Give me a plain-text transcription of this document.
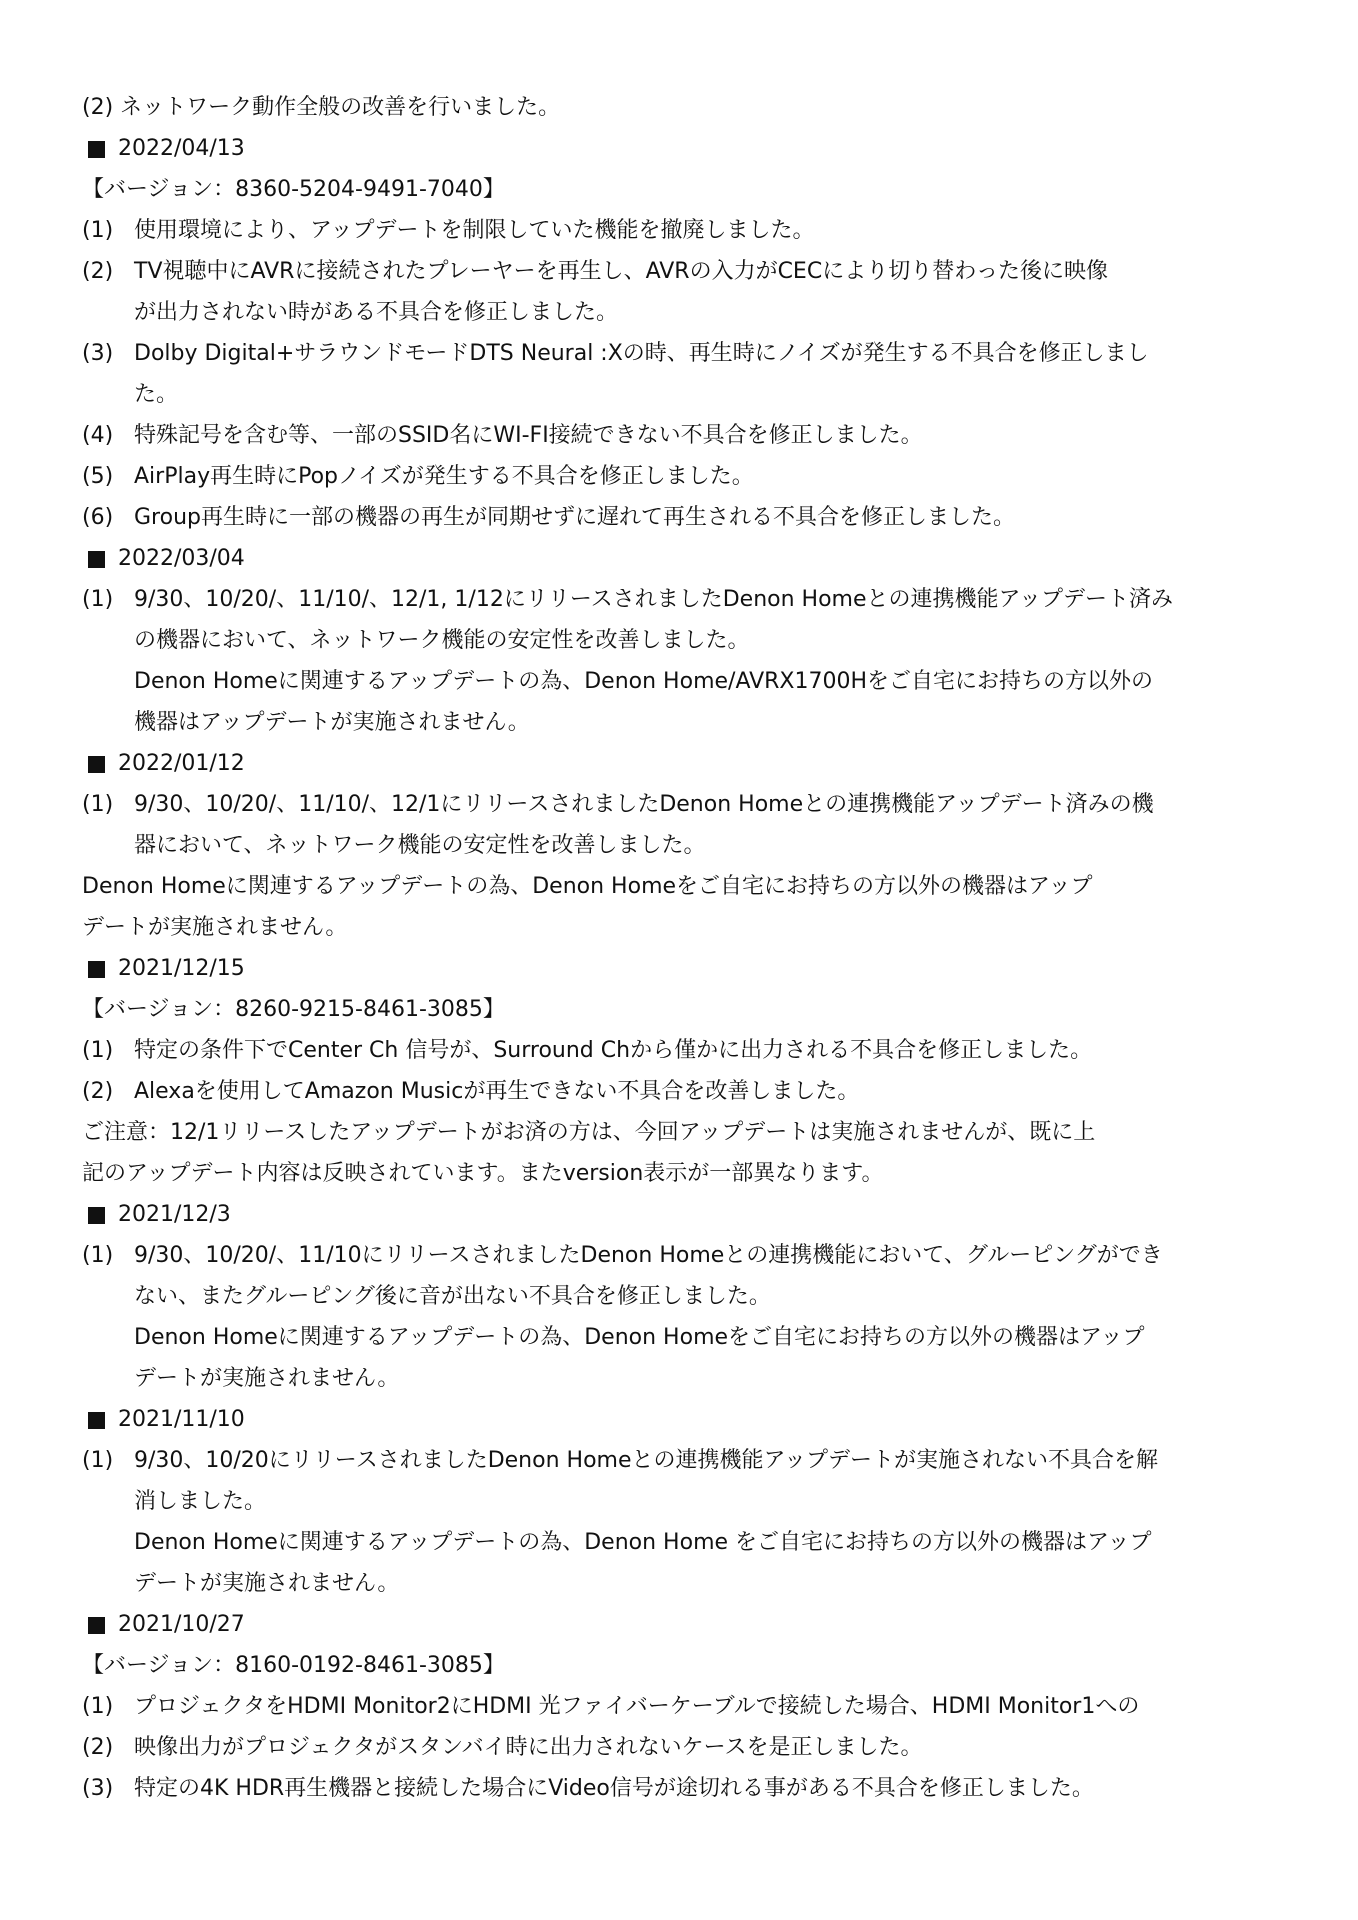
(2) ネットワーク動作全般の改善を行いました。
2022/04/13
【バージョン：8360-5204-9491-7040】
(1) 使用環境により、アップデートを制限していた機能を撤廃しました。
(2) TV視聴中にAVRに接続されたプレーヤーを再生し、AVRの入力がCECにより切り替わった後に映像
が出力されない時がある不具合を修正しました。
(3) Dolby Digital+サラウンドモードDTS Neural :Xの時、再生時にノイズが発生する不具合を修正しまし
た。
(4) 特殊記号を含む等、一部のSSID名にWI-FI接続できない不具合を修正しました。
(5) AirPlay再生時にPopノイズが発生する不具合を修正しました。
(6) Group再生時に一部の機器の再生が同期せずに遅れて再生される不具合を修正しました。
2022/03/04
(1) 9/30、10/20/、11/10/、12/1, 1/12にリリースされましたDenon Homeとの連携機能アップデート済み
の機器において、ネットワーク機能の安定性を改善しました。
Denon Homeに関連するアップデートの為、Denon Home/AVRX1700Hをご自宅にお持ちの方以外の
機器はアップデートが実施されません。
2022/01/12
(1) 9/30、10/20/、11/10/、12/1にリリースされましたDenon Homeとの連携機能アップデート済みの機
器において、ネットワーク機能の安定性を改善しました。
Denon Homeに関連するアップデートの為、Denon Homeをご自宅にお持ちの方以外の機器はアップ
デートが実施されません。
2021/12/15
【バージョン：8260-9215-8461-3085】
(1) 特定の条件下でCenter Ch 信号が、Surround Chから僅かに出力される不具合を修正しました。
(2) Alexaを使用してAmazon Musicが再生できない不具合を改善しました。
ご注意：12/1リリースしたアップデートがお済の方は、今回アップデートは実施されませんが、既に上
記のアップデート内容は反映されています。またversion表示が一部異なります。
2021/12/3
(1) 9/30、10/20/、11/10にリリースされましたDenon Homeとの連携機能において、グルーピングができ
ない、またグルーピング後に音が出ない不具合を修正しました。
Denon Homeに関連するアップデートの為、Denon Homeをご自宅にお持ちの方以外の機器はアップ
デートが実施されません。
2021/11/10
(1) 9/30、10/20にリリースされましたDenon Homeとの連携機能アップデートが実施されない不具合を解
消しました。
Denon Homeに関連するアップデートの為、Denon Home をご自宅にお持ちの方以外の機器はアップ
デートが実施されません。
2021/10/27
【バージョン：8160-0192-8461-3085】
(1) プロジェクタをHDMI Monitor2にHDMI 光ファイバーケーブルで接続した場合、HDMI Monitor1への
(2) 映像出力がプロジェクタがスタンバイ時に出力されないケースを是正しました。
(3) 特定の4K HDR再生機器と接続した場合にVideo信号が途切れる事がある不具合を修正しました。
